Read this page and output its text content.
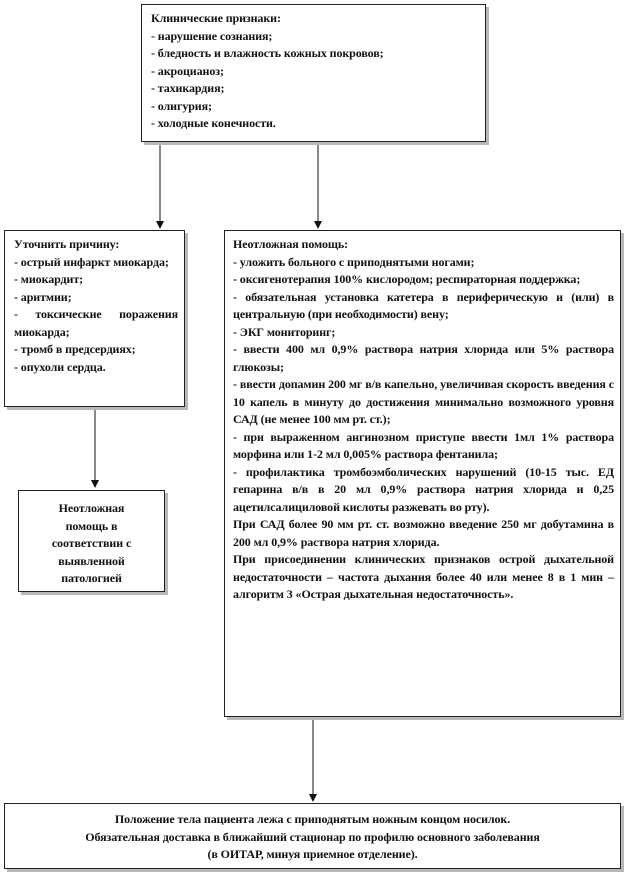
Клинические признаки:
- нарушение сознания;
- бледность и влажность кожных покровов;
- акроцианоз;
- тахикардия;
- олигурия;
- холодные конечности.
Уточнить причину:
- острый инфаркт миокарда;
- миокардит;
- аритмии;
- токсические поражения миокарда;
- тромб в предсердиях;
- опухоли сердца.
Неотложная помощь:
- уложить больного с приподнятыми ногами;
- оксигенотерапия 100% кислородом; респираторная поддержка;
- обязательная установка катетера в периферическую и (или) в центральную (при необходимости) вену;
- ЭКГ мониторинг;
- ввести 400 мл 0,9% раствора натрия хлорида или 5% раствора глюкозы;
- ввести допамин 200 мг в/в капельно, увеличивая скорость введения с 10 капель в минуту до достижения минимально возможного уровня САД (не менее 100 мм рт. ст.);
- при выраженном ангинозном приступе ввести 1мл 1% раствора морфина или 1-2 мл 0,005% раствора фентанила;
- профилактика тромбоэмболических нарушений (10-15 тыс. ЕД гепарина в/в в 20 мл 0,9% раствора натрия хлорида и 0,25 ацетилсалициловой кислоты разжевать во рту).
При САД более 90 мм рт. ст. возможно введение 250 мг добутамина в 200 мл 0,9% раствора натрия хлорида.
При присоединении клинических признаков острой дыхательной недостаточности – частота дыхания более 40 или менее 8 в 1 мин – алгоритм 3 «Острая дыхательная недостаточность».
Неотложная
помощь в
соответствии с
выявленной
патологией
Положение тела пациента лежа с приподнятым ножным концом носилок.
Обязательная доставка в ближайший стационар по профилю основного заболевания
(в ОИТАР, минуя приемное отделение).
